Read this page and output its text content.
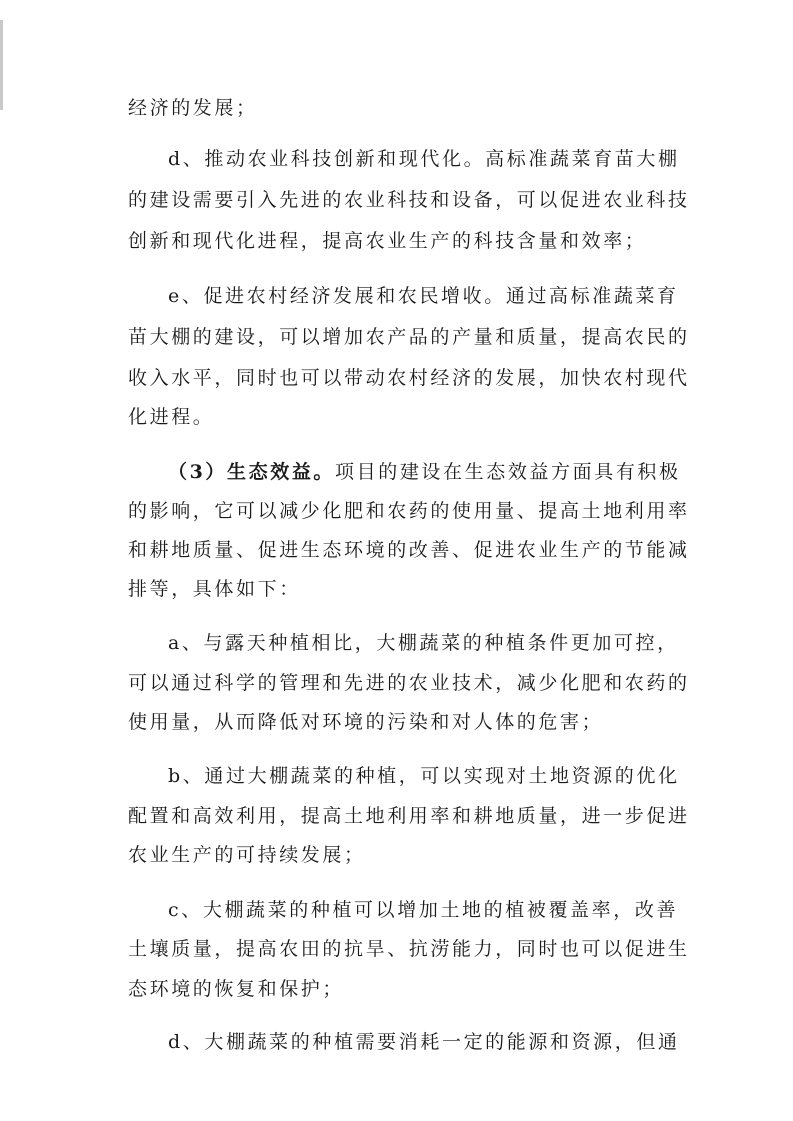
经济的发展；
d、推动农业科技创新和现代化。高标准蔬菜育苗大棚
的建设需要引入先进的农业科技和设备，可以促进农业科技
创新和现代化进程，提高农业生产的科技含量和效率；
e、促进农村经济发展和农民增收。通过高标准蔬菜育
苗大棚的建设，可以增加农产品的产量和质量，提高农民的
收入水平，同时也可以带动农村经济的发展，加快农村现代
化进程。
（3）生态效益。项目的建设在生态效益方面具有积极
的影响，它可以减少化肥和农药的使用量、提高土地利用率
和耕地质量、促进生态环境的改善、促进农业生产的节能减
排等，具体如下：
a、与露天种植相比，大棚蔬菜的种植条件更加可控，
可以通过科学的管理和先进的农业技术，减少化肥和农药的
使用量，从而降低对环境的污染和对人体的危害；
b、通过大棚蔬菜的种植，可以实现对土地资源的优化
配置和高效利用，提高土地利用率和耕地质量，进一步促进
农业生产的可持续发展；
c、大棚蔬菜的种植可以增加土地的植被覆盖率，改善
土壤质量，提高农田的抗旱、抗涝能力，同时也可以促进生
态环境的恢复和保护；
d、大棚蔬菜的种植需要消耗一定的能源和资源，但通
